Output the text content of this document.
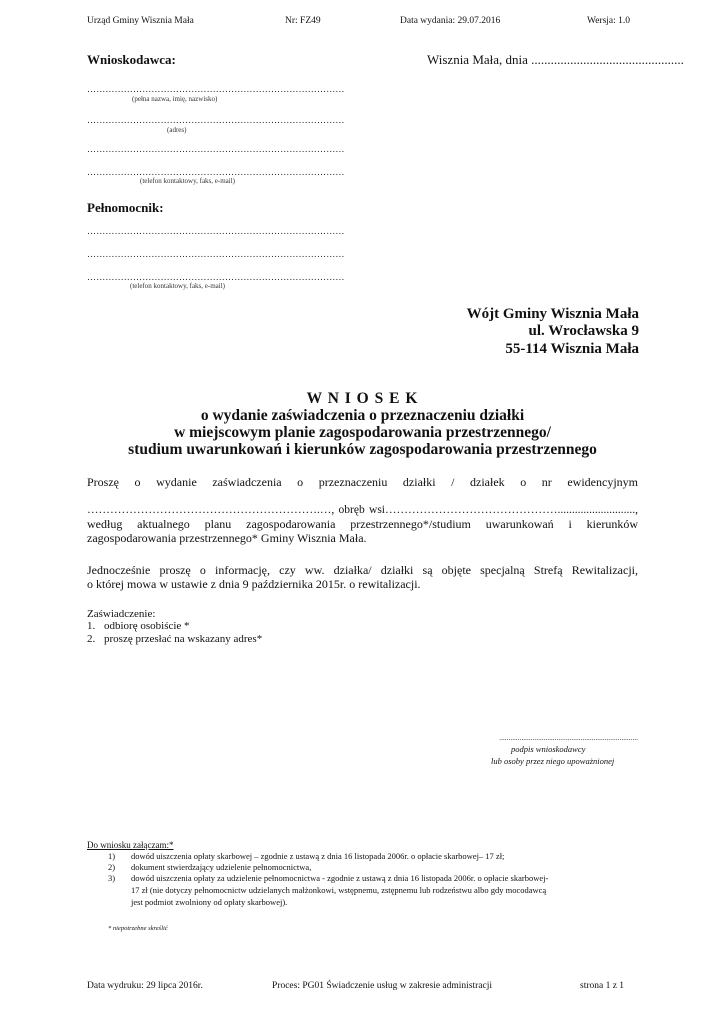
Urząd Gminy Wisznia Mała	Nr: FZ49	Data wydania: 29.07.2016	Wersja: 1.0
Wnioskodawca:	Wisznia Mała, dnia ...............................................
…………………………………………………………………………
(pełna nazwa, imię, nazwisko)
…………………………………………………………………………
(adres)
…………………………………………………………………………
…………………………………………………………………………
(telefon kontaktowy, faks, e-mail)
Pełnomocnik:
…………………………………………………………………………
…………………………………………………………………………
…………………………………………………………………………
(telefon kontaktowy, faks, e-mail)
Wójt Gminy Wisznia Mała
ul. Wrocławska 9
55-114 Wisznia Mała
W N I O S E K
o wydanie zaświadczenia o przeznaczeniu działki
w miejscowym planie zagospodarowania przestrzennego/
studium uwarunkowań i kierunków zagospodarowania przestrzennego
Proszę o wydanie zaświadczenia o przeznaczeniu działki / działek o nr ewidencyjnym
…………………………………………………….…, obręb wsi………………………………………...........................,
według aktualnego planu zagospodarowania przestrzennego*/studium uwarunkowań i kierunków
zagospodarowania przestrzennego* Gminy Wisznia Mała.
Jednocześnie proszę o informację, czy ww. działka/ działki są objęte specjalną Strefą Rewitalizacji,
o której mowa w ustawie z dnia 9 października 2015r. o rewitalizacji.
Zaświadczenie:
1. odbiorę osobiście *
2. proszę przesłać na wskazany adres*
...........................................................................
podpis wnioskodawcy
lub osoby przez niego upoważnionej
Do wniosku załączam:*
1) dowód uiszczenia opłaty skarbowej – zgodnie z ustawą z dnia 16 listopada 2006r. o opłacie skarbowej– 17 zł;
2) dokument stwierdzający udzielenie pełnomocnictwa,
3) dowód uiszczenia opłaty za udzielenie pełnomocnictwa - zgodnie z ustawą z dnia 16 listopada 2006r. o opłacie skarbowej-
17 zł (nie dotyczy pełnomocnictw udzielanych małżonkowi, wstępnemu, zstępnemu lub rodzeństwu albo gdy mocodawcą
jest podmiot zwolniony od opłaty skarbowej).
* niepotrzebne skreślić
Data wydruku: 29 lipca 2016r.	Proces: PG01 Świadczenie usług w zakresie administracji	strona 1 z 1
